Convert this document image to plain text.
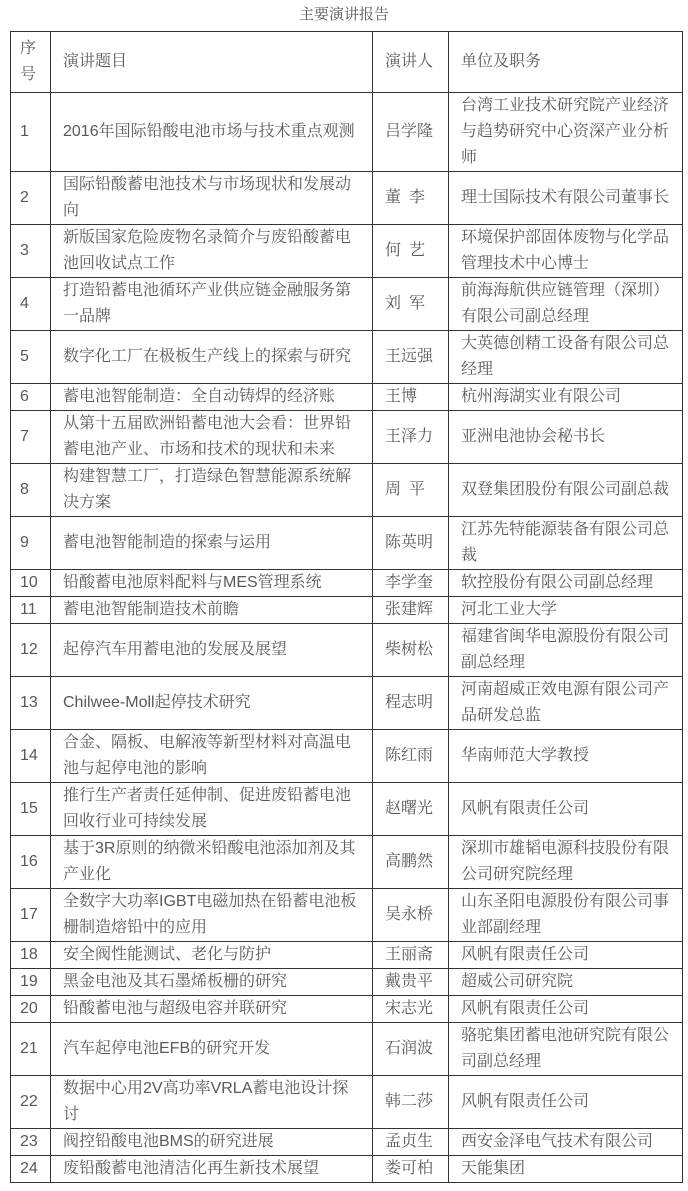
主要演讲报告
序号	演讲题目	演讲人	单位及职务
1	2016年国际铅酸电池市场与技术重点观测	吕学隆	台湾工业技术研究院产业经济与趋势研究中心资深产业分析师
2	国际铅酸蓄电池技术与市场现状和发展动向	董 李	理士国际技术有限公司董事长
3	新版国家危险废物名录简介与废铅酸蓄电池回收试点工作	何 艺	环境保护部固体废物与化学品管理技术中心博士
4	打造铅蓄电池循环产业供应链金融服务第一品牌	刘 军	前海海航供应链管理（深圳）有限公司副总经理
5	数字化工厂在极板生产线上的探索与研究	王远强	大英德创精工设备有限公司总经理
6	蓄电池智能制造：全自动铸焊的经济账	王博	杭州海湖实业有限公司
7	从第十五届欧洲铅蓄电池大会看：世界铅蓄电池产业、市场和技术的现状和未来	王泽力	亚洲电池协会秘书长
8	构建智慧工厂，打造绿色智慧能源系统解决方案	周 平	双登集团股份有限公司副总裁
9	蓄电池智能制造的探索与运用	陈英明	江苏先特能源装备有限公司总裁
10	铅酸蓄电池原料配料与MES管理系统	李学奎	软控股份有限公司副总经理
11	蓄电池智能制造技术前瞻	张建辉	河北工业大学
12	起停汽车用蓄电池的发展及展望	柴树松	福建省闽华电源股份有限公司副总经理
13	Chilwee-Moll起停技术研究	程志明	河南超威正效电源有限公司产品研发总监
14	合金、隔板、电解液等新型材料对高温电池与起停电池的影响	陈红雨	华南师范大学教授
15	推行生产者责任延伸制、促进废铅蓄电池回收行业可持续发展	赵曙光	风帆有限责任公司
16	基于3R原则的纳微米铅酸电池添加剂及其产业化	高鹏然	深圳市雄韬电源科技股份有限公司研究院经理
17	全数字大功率IGBT电磁加热在铅蓄电池板栅制造熔铅中的应用	吴永桥	山东圣阳电源股份有限公司事业部副经理
18	安全阀性能测试、老化与防护	王丽斋	风帆有限责任公司
19	黑金电池及其石墨烯板栅的研究	戴贵平	超威公司研究院
20	铅酸蓄电池与超级电容并联研究	宋志光	风帆有限责任公司
21	汽车起停电池EFB的研究开发	石润波	骆驼集团蓄电池研究院有限公司副总经理
22	数据中心用2V高功率VRLA蓄电池设计探讨	韩二莎	风帆有限责任公司
23	阀控铅酸电池BMS的研究进展	孟贞生	西安金泽电气技术有限公司
24	废铅酸蓄电池清洁化再生新技术展望	娄可柏	天能集团
